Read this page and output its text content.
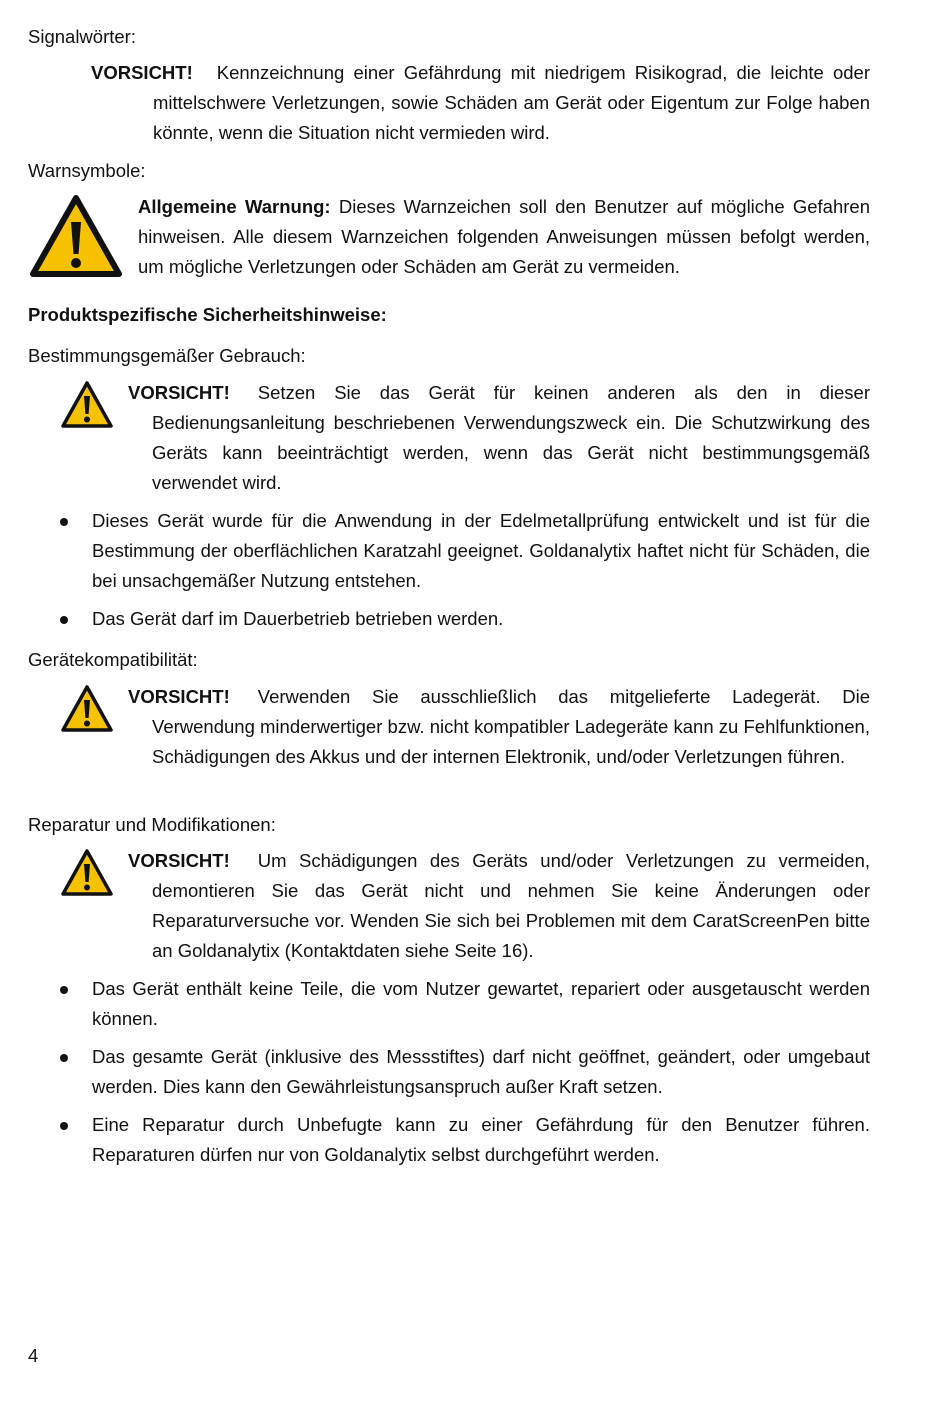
Signalwörter:

VORSICHT! Kennzeichnung einer Gefährdung mit niedrigem Risikograd, die leichte oder mittelschwere Verletzungen, sowie Schäden am Gerät oder Eigentum zur Folge haben könnte, wenn die Situation nicht vermieden wird.

Warnsymbole:

Allgemeine Warnung: Dieses Warnzeichen soll den Benutzer auf mögliche Gefahren hinweisen. Alle diesem Warnzeichen folgenden Anweisungen müssen befolgt werden, um mögliche Verletzungen oder Schäden am Gerät zu vermeiden.

Produktspezifische Sicherheitshinweise:
Bestimmungsgemäßer Gebrauch:

VORSICHT! Setzen Sie das Gerät für keinen anderen als den in dieser Bedienungsanleitung beschriebenen Verwendungszweck ein. Die Schutzwirkung des Geräts kann beeinträchtigt werden, wenn das Gerät nicht bestimmungsgemäß verwendet wird.

Dieses Gerät wurde für die Anwendung in der Edelmetallprüfung entwickelt und ist für die Bestimmung der oberflächlichen Karatzahl geeignet. Goldanalytix haftet nicht für Schäden, die bei unsachgemäßer Nutzung entstehen.

Das Gerät darf im Dauerbetrieb betrieben werden.

Gerätekompatibilität:

VORSICHT! Verwenden Sie ausschließlich das mitgelieferte Ladegerät. Die Verwendung minderwertiger bzw. nicht kompatibler Ladegeräte kann zu Fehlfunktionen, Schädigungen des Akkus und der internen Elektronik, und/oder Verletzungen führen.

Reparatur und Modifikationen:

VORSICHT! Um Schädigungen des Geräts und/oder Verletzungen zu vermeiden, demontieren Sie das Gerät nicht und nehmen Sie keine Änderungen oder Reparaturversuche vor. Wenden Sie sich bei Problemen mit dem CaratScreenPen bitte an Goldanalytix (Kontaktdaten siehe Seite 16).

Das Gerät enthält keine Teile, die vom Nutzer gewartet, repariert oder ausgetauscht werden können.

Das gesamte Gerät (inklusive des Messstiftes) darf nicht geöffnet, geändert, oder umgebaut werden. Dies kann den Gewährleistungsanspruch außer Kraft setzen.

Eine Reparatur durch Unbefugte kann zu einer Gefährdung für den Benutzer führen. Reparaturen dürfen nur von Goldanalytix selbst durchgeführt werden.

4
